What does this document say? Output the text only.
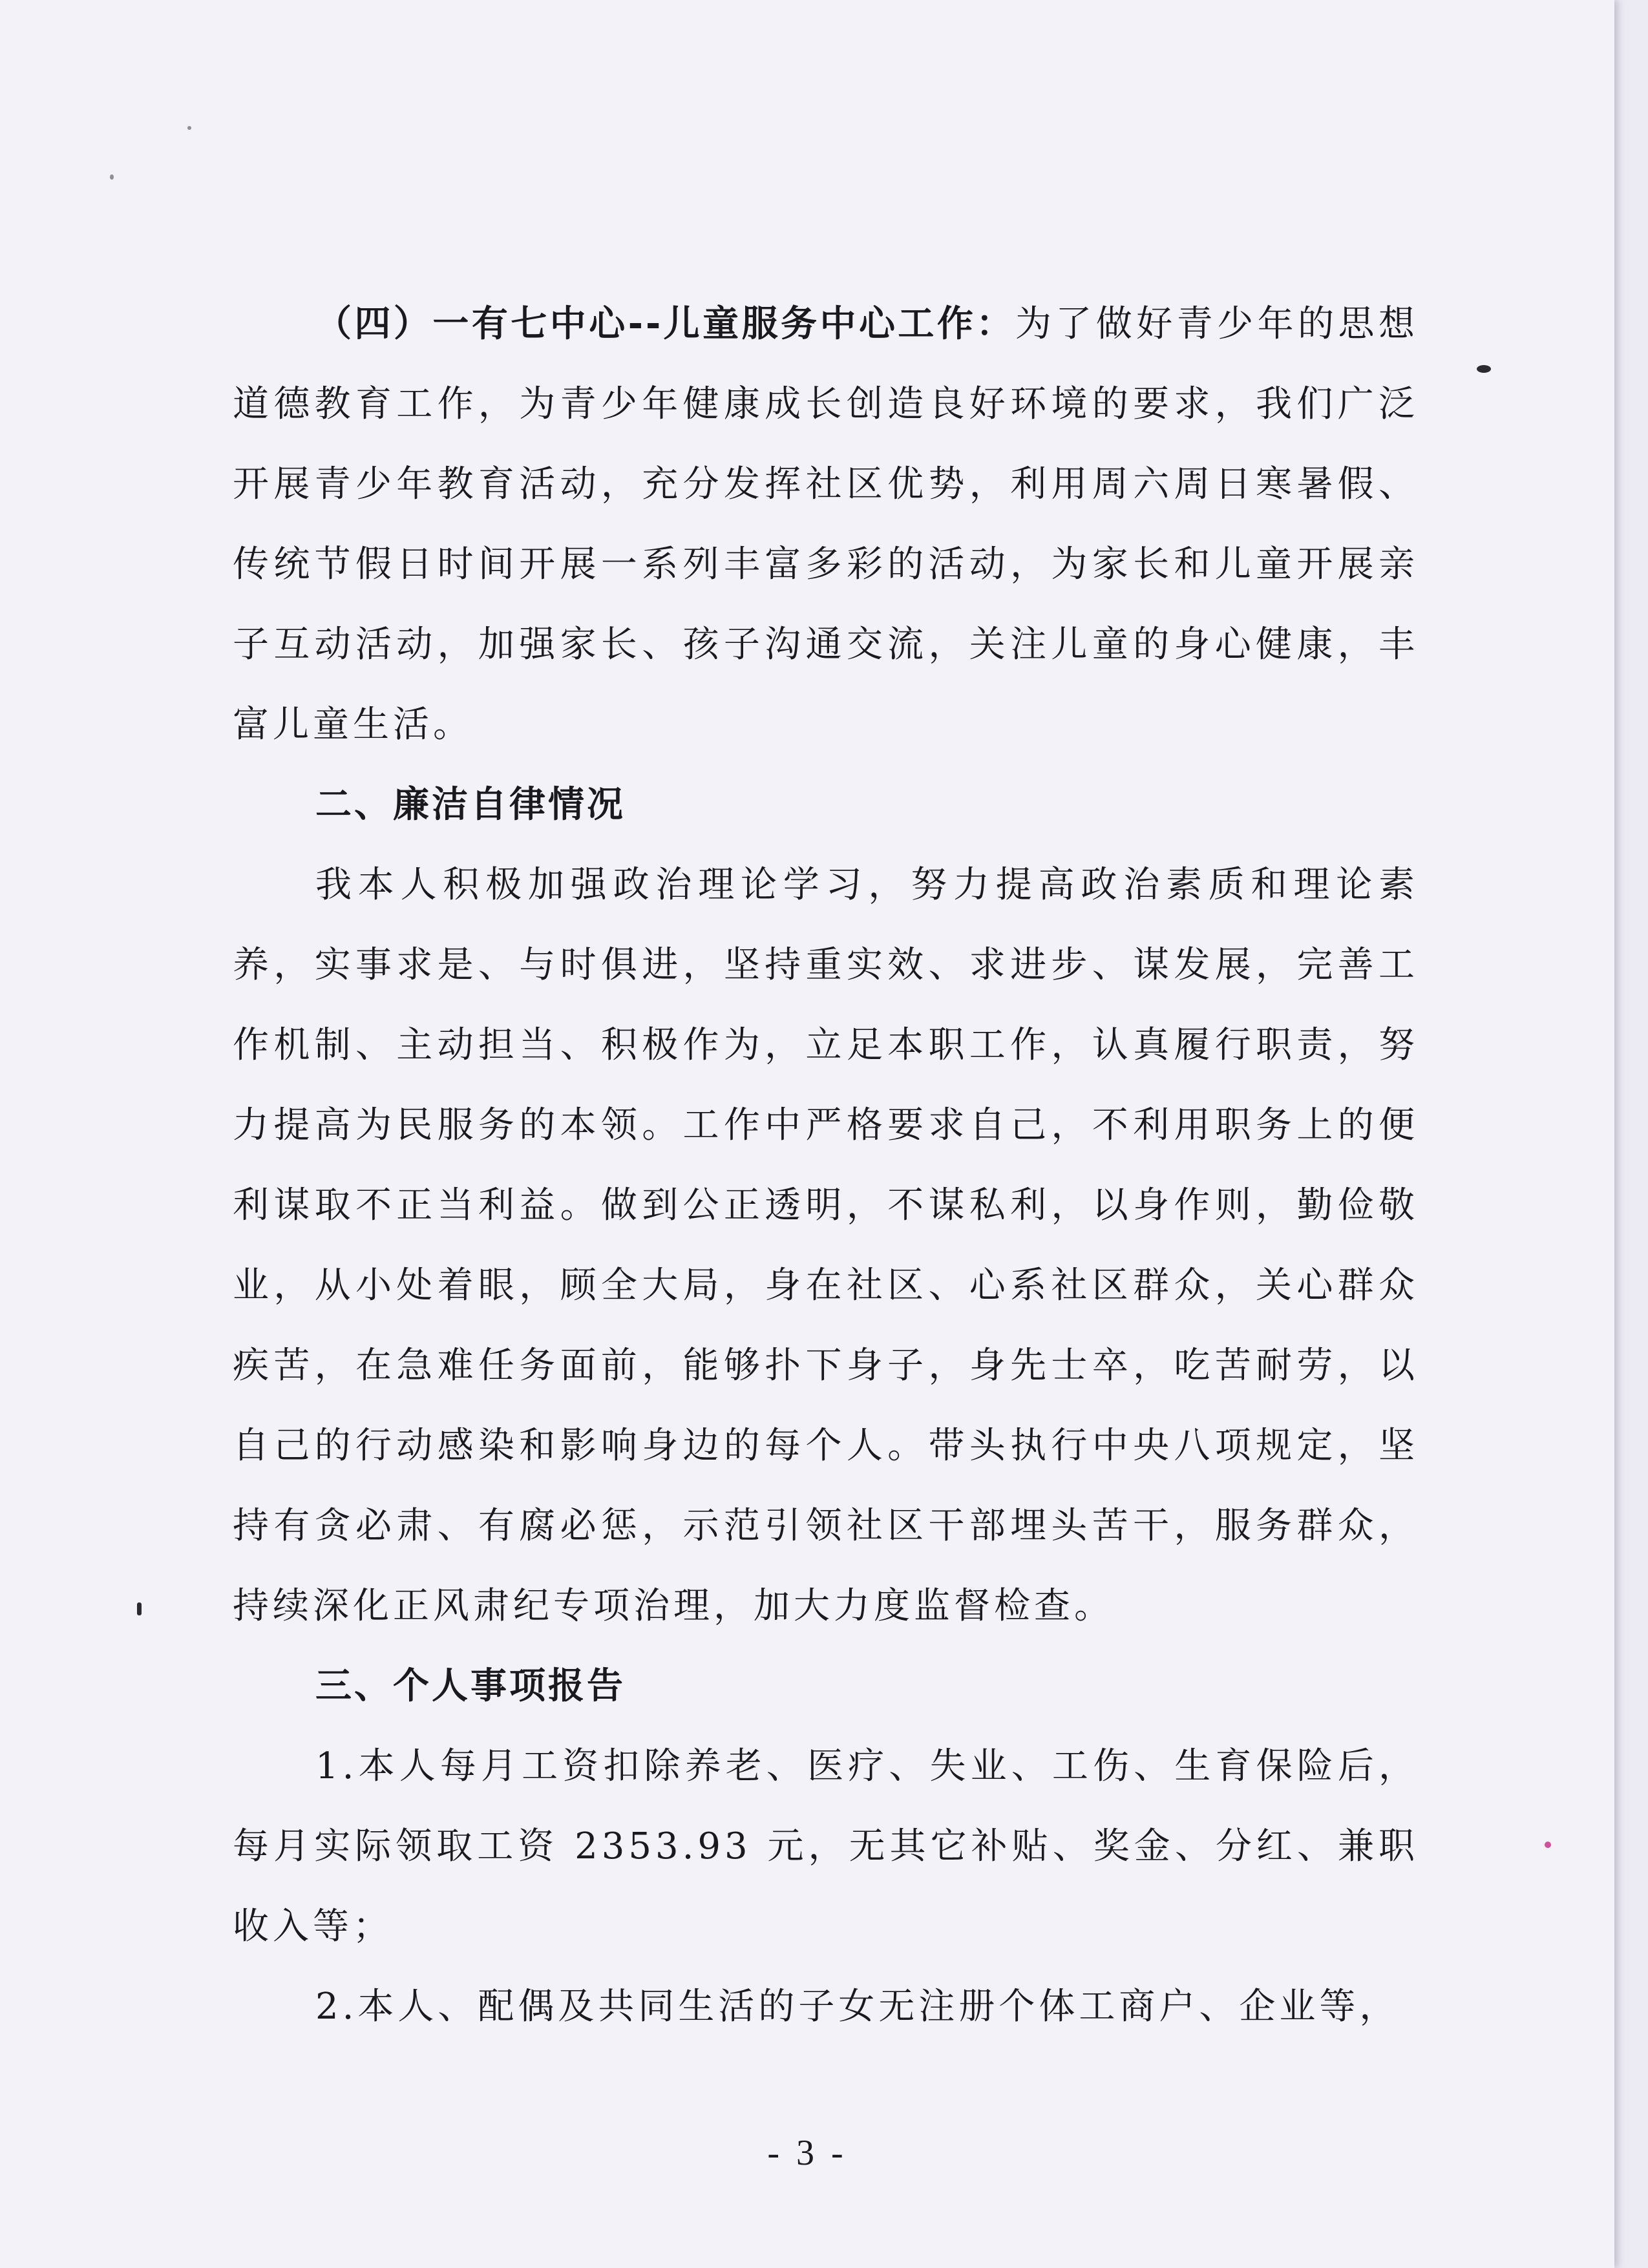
（四）一有七中心--儿童服务中心工作：为了做好青少年的思想道德教育工作，为青少年健康成长创造良好环境的要求，我们广泛开展青少年教育活动，充分发挥社区优势，利用周六周日寒暑假、传统节假日时间开展一系列丰富多彩的活动，为家长和儿童开展亲子互动活动，加强家长、孩子沟通交流，关注儿童的身心健康，丰富儿童生活。

二、廉洁自律情况

我本人积极加强政治理论学习，努力提高政治素质和理论素养，实事求是、与时俱进，坚持重实效、求进步、谋发展，完善工作机制、主动担当、积极作为，立足本职工作，认真履行职责，努力提高为民服务的本领。工作中严格要求自己，不利用职务上的便利谋取不正当利益。做到公正透明，不谋私利，以身作则，勤俭敬业，从小处着眼，顾全大局，身在社区、心系社区群众，关心群众疾苦，在急难任务面前，能够扑下身子，身先士卒，吃苦耐劳，以自己的行动感染和影响身边的每个人。带头执行中央八项规定，坚持有贪必肃、有腐必惩，示范引领社区干部埋头苦干，服务群众，持续深化正风肃纪专项治理，加大力度监督检查。

三、个人事项报告

1.本人每月工资扣除养老、医疗、失业、工伤、生育保险后，每月实际领取工资 2353.93 元，无其它补贴、奖金、分红、兼职收入等；

2.本人、配偶及共同生活的子女无注册个体工商户、企业等，

- 3 -
